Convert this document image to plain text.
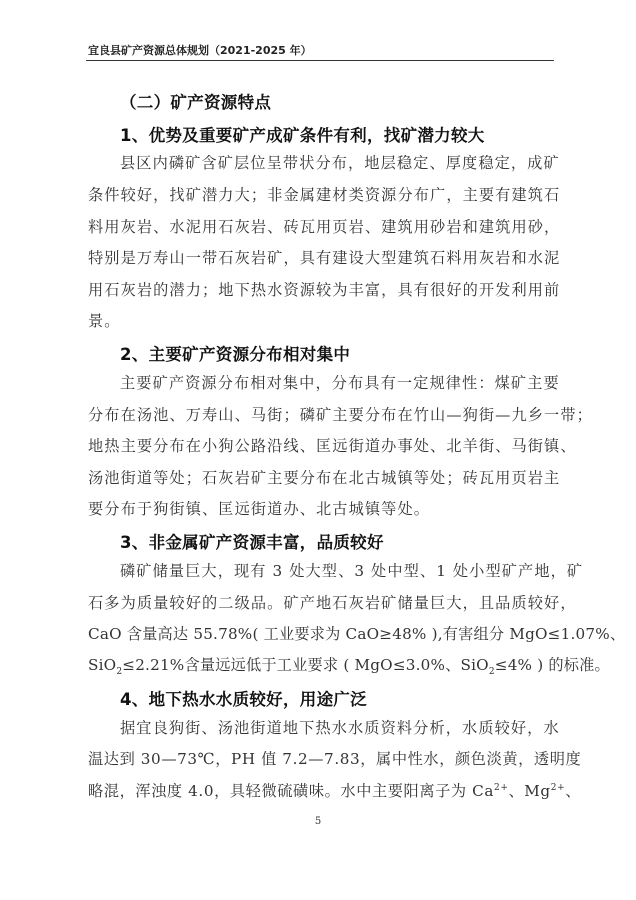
宜良县矿产资源总体规划（2021-2025 年）
（二）矿产资源特点
1、优势及重要矿产成矿条件有利，找矿潜力较大
县区内磷矿含矿层位呈带状分布，地层稳定、厚度稳定，成矿
条件较好，找矿潜力大；非金属建材类资源分布广，主要有建筑石
料用灰岩、水泥用石灰岩、砖瓦用页岩、建筑用砂岩和建筑用砂，
特别是万寿山一带石灰岩矿，具有建设大型建筑石料用灰岩和水泥
用石灰岩的潜力；地下热水资源较为丰富，具有很好的开发利用前
景。
2、主要矿产资源分布相对集中
主要矿产资源分布相对集中，分布具有一定规律性：煤矿主要
分布在汤池、万寿山、马街；磷矿主要分布在竹山—狗街—九乡一带；
地热主要分布在小狗公路沿线、匡远街道办事处、北羊街、马街镇、
汤池街道等处；石灰岩矿主要分布在北古城镇等处；砖瓦用页岩主
要分布于狗街镇、匡远街道办、北古城镇等处。
3、非金属矿产资源丰富，品质较好
磷矿储量巨大，现有 3 处大型、3 处中型、1 处小型矿产地，矿
石多为质量较好的二级品。矿产地石灰岩矿储量巨大，且品质较好，
CaO 含量高达 55.78%( 工业要求为 CaO≥48% ),有害组分 MgO≤1.07%、
SiO$_2$≤2.21%含量远远低于工业要求 ( MgO≤3.0%、SiO$_2$≤4% ) 的标准。
4、地下热水水质较好，用途广泛
据宜良狗街、汤池街道地下热水水质资料分析，水质较好，水
温达到 30—73℃，PH 值 7.2—7.83，属中性水，颜色淡黄，透明度
略混，浑浊度 4.0，具轻微硫磺味。水中主要阳离子为 $Ca^{2+}$、$Mg^{2+}$、
5
